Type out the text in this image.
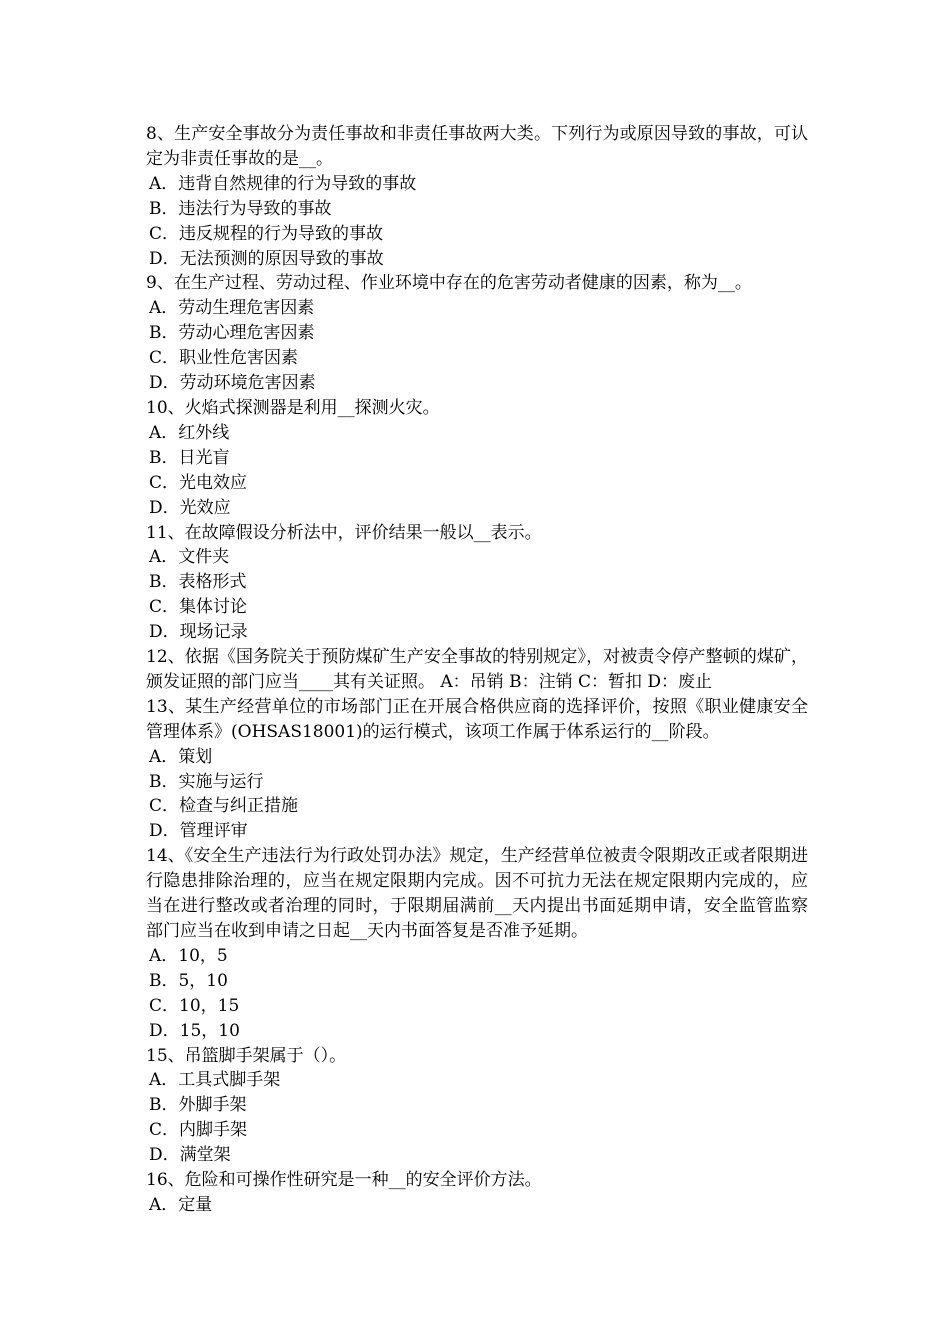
8、生产安全事故分为责任事故和非责任事故两大类。下列行为或原因导致的事故，可认定为非责任事故的是__。

A．违背自然规律的行为导致的事故

B．违法行为导致的事故

C．违反规程的行为导致的事故

D．无法预测的原因导致的事故

9、在生产过程、劳动过程、作业环境中存在的危害劳动者健康的因素，称为__。

A．劳动生理危害因素

B．劳动心理危害因素

C．职业性危害因素

D．劳动环境危害因素

10、火焰式探测器是利用__探测火灾。

A．红外线

B．日光盲

C．光电效应

D．光效应

11、在故障假设分析法中，评价结果一般以__表示。

A．文件夹

B．表格形式

C．集体讨论

D．现场记录

12、依据《国务院关于预防煤矿生产安全事故的特别规定》，对被责令停产整顿的煤矿，颁发证照的部门应当____其有关证照。 A：吊销 B：注销 C：暂扣 D：废止

13、某生产经营单位的市场部门正在开展合格供应商的选择评价，按照《职业健康安全管理体系》(OHSAS18001)的运行模式，该项工作属于体系运行的__阶段。

A．策划

B．实施与运行

C．检查与纠正措施

D．管理评审

14、《安全生产违法行为行政处罚办法》规定，生产经营单位被责令限期改正或者限期进行隐患排除治理的，应当在规定限期内完成。因不可抗力无法在规定限期内完成的，应当在进行整改或者治理的同时，于限期届满前__天内提出书面延期申请，安全监管监察部门应当在收到申请之日起__天内书面答复是否准予延期。

A．10，5

B．5，10

C．10，15

D．15，10

15、吊篮脚手架属于（）。

A．工具式脚手架

B．外脚手架

C．内脚手架

D．满堂架

16、危险和可操作性研究是一种__的安全评价方法。

A．定量
